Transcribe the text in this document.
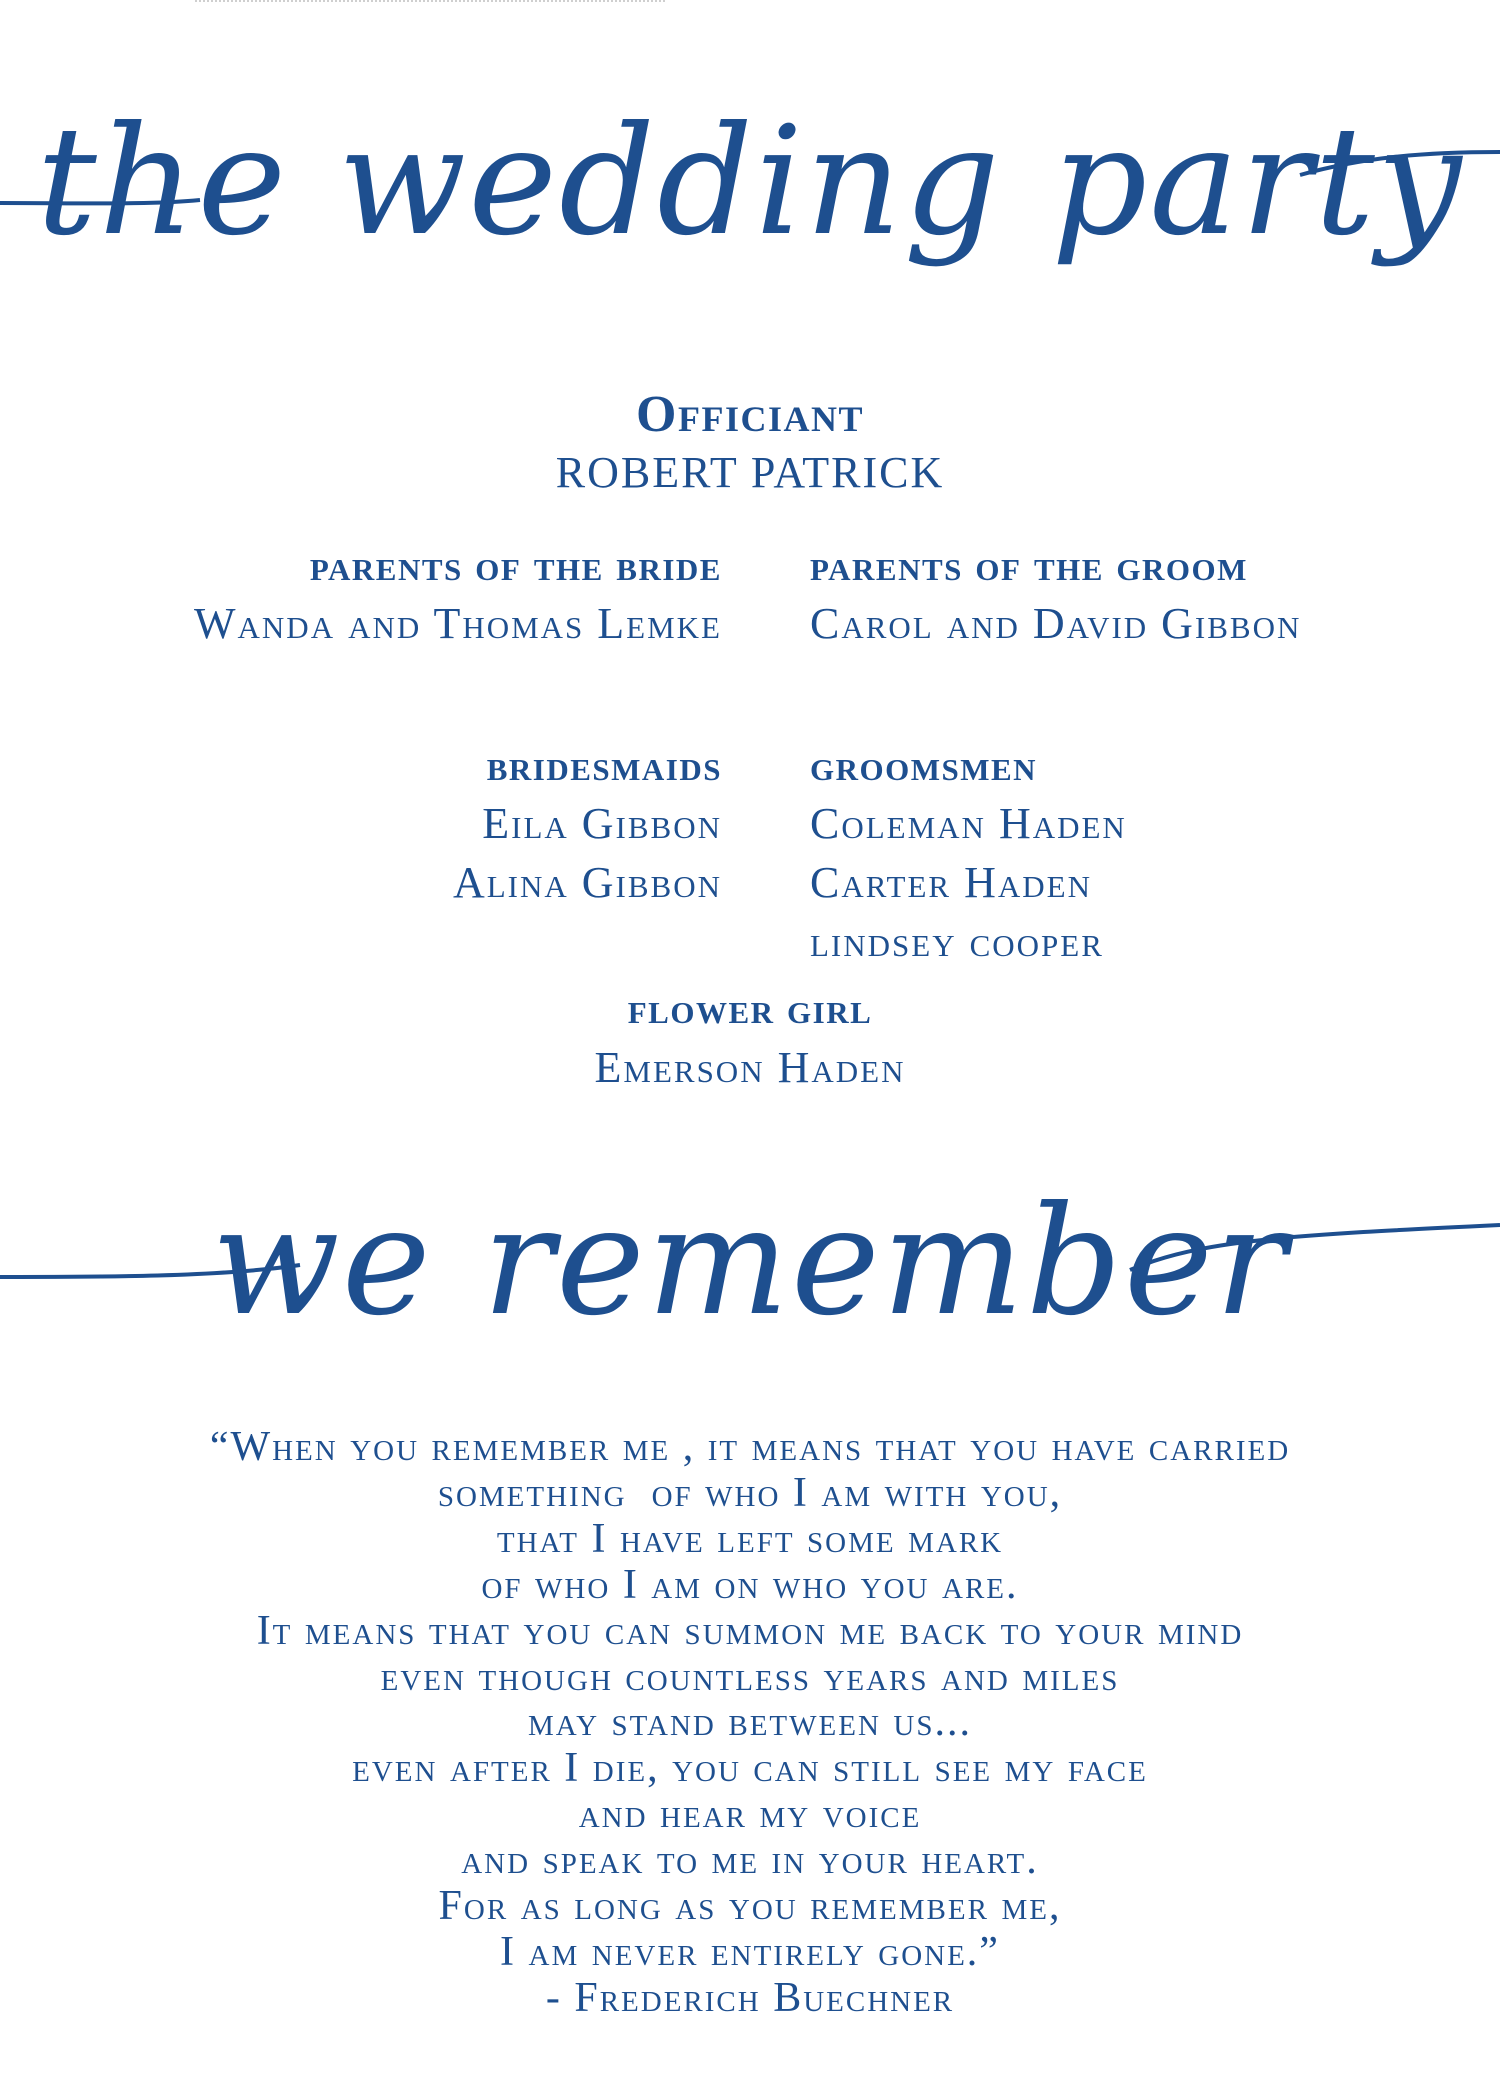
the wedding party
Officiant
ROBERT PATRICK
parents of the bride
Wanda and Thomas Lemke
parents of the groom
Carol and David Gibbon
bridesmaids
Eila Gibbon
Alina Gibbon
groomsmen
Coleman Haden
Carter Haden
lindsey cooper
flower girl
Emerson Haden
we remember
“When you remember me , it means that you have carried
something  of who I am with you,
that I have left some mark
of who I am on who you are.
It means that you can summon me back to your mind
even though countless years and miles
may stand between us...
even after I die, you can still see my face
and hear my voice
and speak to me in your heart.
For as long as you remember me,
I am never entirely gone.”
- Frederich Buechner
